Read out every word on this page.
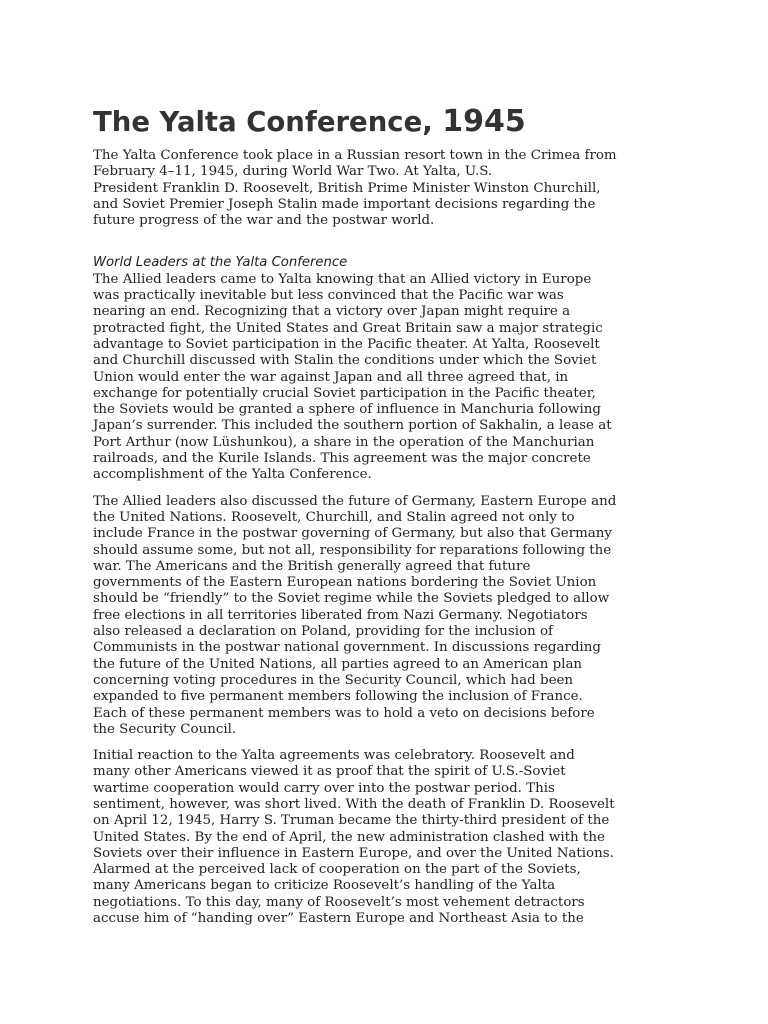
The Yalta Conference, 1945

The Yalta Conference took place in a Russian resort town in the Crimea from
February 4–11, 1945, during World War Two. At Yalta, U.S.
President Franklin D. Roosevelt, British Prime Minister Winston Churchill,
and Soviet Premier Joseph Stalin made important decisions regarding the
future progress of the war and the postwar world.

World Leaders at the Yalta Conference

The Allied leaders came to Yalta knowing that an Allied victory in Europe
was practically inevitable but less convinced that the Pacific war was
nearing an end. Recognizing that a victory over Japan might require a
protracted fight, the United States and Great Britain saw a major strategic
advantage to Soviet participation in the Pacific theater. At Yalta, Roosevelt
and Churchill discussed with Stalin the conditions under which the Soviet
Union would enter the war against Japan and all three agreed that, in
exchange for potentially crucial Soviet participation in the Pacific theater,
the Soviets would be granted a sphere of influence in Manchuria following
Japan’s surrender. This included the southern portion of Sakhalin, a lease at
Port Arthur (now Lüshunkou), a share in the operation of the Manchurian
railroads, and the Kurile Islands. This agreement was the major concrete
accomplishment of the Yalta Conference.

The Allied leaders also discussed the future of Germany, Eastern Europe and
the United Nations. Roosevelt, Churchill, and Stalin agreed not only to
include France in the postwar governing of Germany, but also that Germany
should assume some, but not all, responsibility for reparations following the
war. The Americans and the British generally agreed that future
governments of the Eastern European nations bordering the Soviet Union
should be “friendly” to the Soviet regime while the Soviets pledged to allow
free elections in all territories liberated from Nazi Germany. Negotiators
also released a declaration on Poland, providing for the inclusion of
Communists in the postwar national government. In discussions regarding
the future of the United Nations, all parties agreed to an American plan
concerning voting procedures in the Security Council, which had been
expanded to five permanent members following the inclusion of France.
Each of these permanent members was to hold a veto on decisions before
the Security Council.

Initial reaction to the Yalta agreements was celebratory. Roosevelt and
many other Americans viewed it as proof that the spirit of U.S.-Soviet
wartime cooperation would carry over into the postwar period. This
sentiment, however, was short lived. With the death of Franklin D. Roosevelt
on April 12, 1945, Harry S. Truman became the thirty-third president of the
United States. By the end of April, the new administration clashed with the
Soviets over their influence in Eastern Europe, and over the United Nations.
Alarmed at the perceived lack of cooperation on the part of the Soviets,
many Americans began to criticize Roosevelt’s handling of the Yalta
negotiations. To this day, many of Roosevelt’s most vehement detractors
accuse him of “handing over” Eastern Europe and Northeast Asia to the
